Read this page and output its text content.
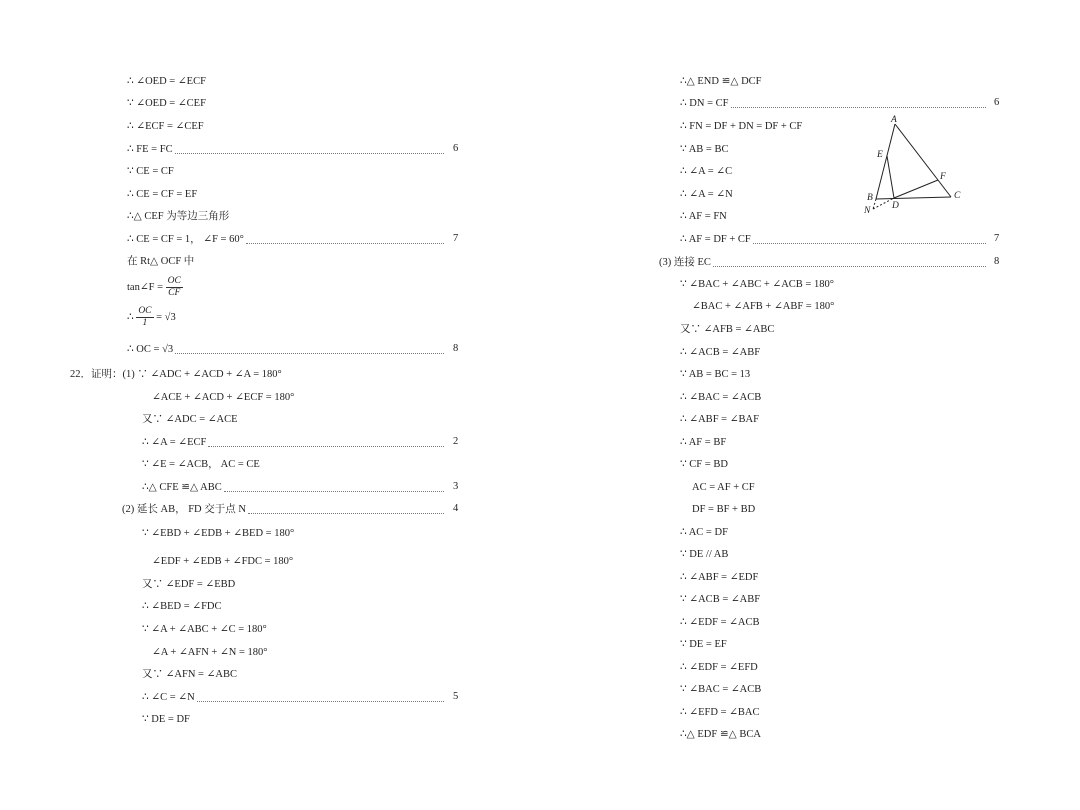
∴ ∠OED = ∠ECF
∵ ∠OED = ∠CEF
∴ ∠ECF = ∠CEF
∴ FE = FC	6
∵ CE = CF
∴ CE = CF = EF
∴△ CEF 为等边三角形
∴ CE = CF = 1， ∠F = 60°	7
在 Rt△ OCF 中
tan∠F = $\frac{OC}{CF}$
∴ $\frac{OC}{1} = √3$
∴ OC = √3	8
22．证明：(1) ∵ ∠ADC + ∠ACD + ∠A = 180°
∠ACE + ∠ACD + ∠ECF = 180°
又∵ ∠ADC = ∠ACE
∴ ∠A = ∠ECF	2
∵ ∠E = ∠ACB， AC = CE
∴△ CFE ≌△ ABC	3
(2) 延长 AB， FD 交于点 N	4
∵ ∠EBD + ∠EDB + ∠BED = 180°
∠EDF + ∠EDB + ∠FDC = 180°
又∵ ∠EDF = ∠EBD
∴ ∠BED = ∠FDC
∵ ∠A + ∠ABC + ∠C = 180°
∠A + ∠AFN + ∠N = 180°
又∵ ∠AFN = ∠ABC
∴ ∠C = ∠N	5
∵ DE = DF
∴△ END ≌△ DCF
∴ DN = CF	6
∴ FN = DF + DN = DF + CF
∵ AB = BC
∴ ∠A = ∠C
∴ ∠A = ∠N
∴ AF = FN
∴ AF = DF + CF	7
(3) 连接 EC	8
∵ ∠BAC + ∠ABC + ∠ACB = 180°
∠BAC + ∠AFB + ∠ABF = 180°
又∵ ∠AFB = ∠ABC
∴ ∠ACB = ∠ABF
∵ AB = BC = 13
∴ ∠BAC = ∠ACB
∴ ∠ABF = ∠BAF
∴ AF = BF
∵ CF = BD
AC = AF + CF
DF = BF + BD
∴ AC = DF
∵ DE // AB
∴ ∠ABF = ∠EDF
∵ ∠ACB = ∠ABF
∴ ∠EDF = ∠ACB
∵ DE = EF
∴ ∠EDF = ∠EFD
∵ ∠BAC = ∠ACB
∴ ∠EFD = ∠BAC
∴△ EDF ≌△ BCA
A
E
F
B	C
N D
